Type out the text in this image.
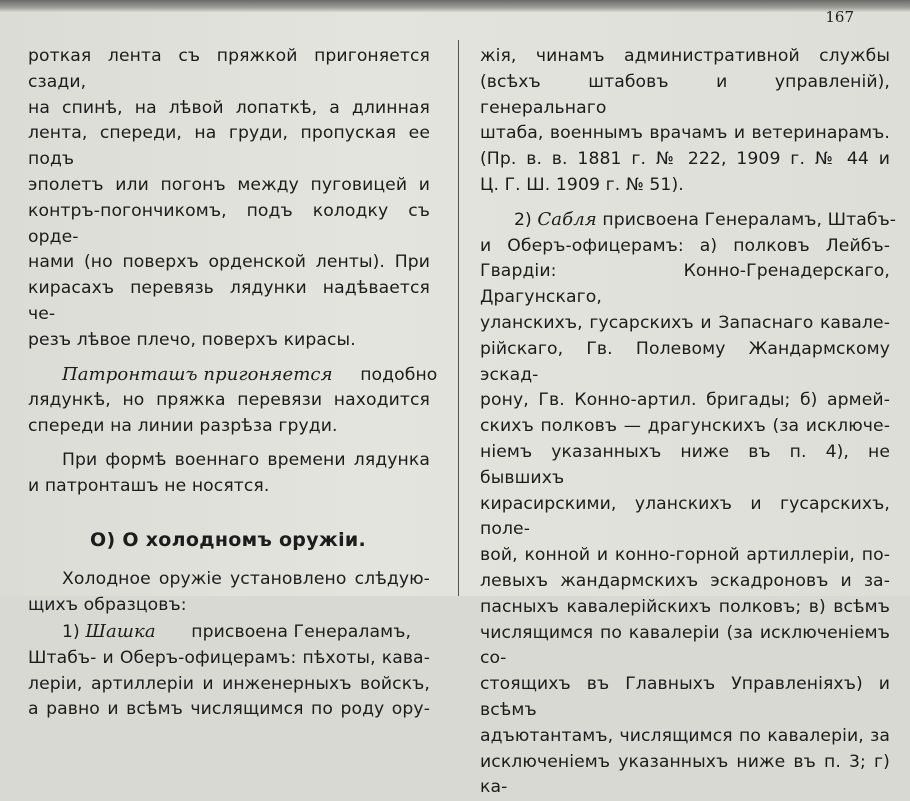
167

роткая лента съ пряжкой пригоняется сзади,
на спинѣ, на лѣвой лопаткѣ, а длинная
лента, спереди, на груди, пропуская ее подъ
эполетъ или погонъ между пуговицей и
контръ-погончикомъ, подъ колодку съ орде-
нами (но поверхъ орденской ленты). При
кирасахъ перевязь лядунки надѣвается че-
резъ лѣвое плечо, поверхъ кирасы.

Патронташъ пригоняется подобно
лядункѣ, но пряжка перевязи находится
спереди на линии разрѣза груди.

При формѣ военнаго времени лядунка
и патронташъ не носятся.

О) О холодномъ оружiи.

Холодное оружiе установлено слѣдую-
щихъ образцовъ:

1) Шашка присвоена Генераламъ,
Штабъ- и Оберъ-офицерамъ: пѣхоты, кава-
лерiи, артиллерiи и инженерныхъ войскъ,
а равно и всѣмъ числящимся по роду ору-

жiя, чинамъ административной службы
(всѣхъ штабовъ и управленiй), генеральнаго
штаба, военнымъ врачамъ и ветеринарамъ.
(Пр. в. в. 1881 г. № 222, 1909 г. № 44 и
Ц. Г. Ш. 1909 г. № 51).

2) Сабля присвоена Генераламъ, Штабъ-
и Оберъ-офицерамъ: а) полковъ Лейбъ-
Гвардiи: Конно-Гренадерскаго, Драгунскаго,
уланскихъ, гусарскихъ и Запаснаго кавале-
рiйскаго, Гв. Полевому Жандармскому эскад-
рону, Гв. Конно-артил. бригады; б) армей-
скихъ полковъ — драгунскихъ (за исключе-
нiемъ указанныхъ ниже въ п. 4), не бывшихъ
кирасирскими, уланскихъ и гусарскихъ, поле-
вой, конной и конно-горной артиллерiи, по-
левыхъ жандармскихъ эскадроновъ и за-
пасныхъ кавалерiйскихъ полковъ; в) всѣмъ
числящимся по кавалерiи (за исключенiемъ со-
стоящихъ въ Главныхъ Управленiяхъ) и всѣмъ
адъютантамъ, числящимся по кавалерiи, за
исключенiемъ указанныхъ ниже въ п. 3; г) ка-
